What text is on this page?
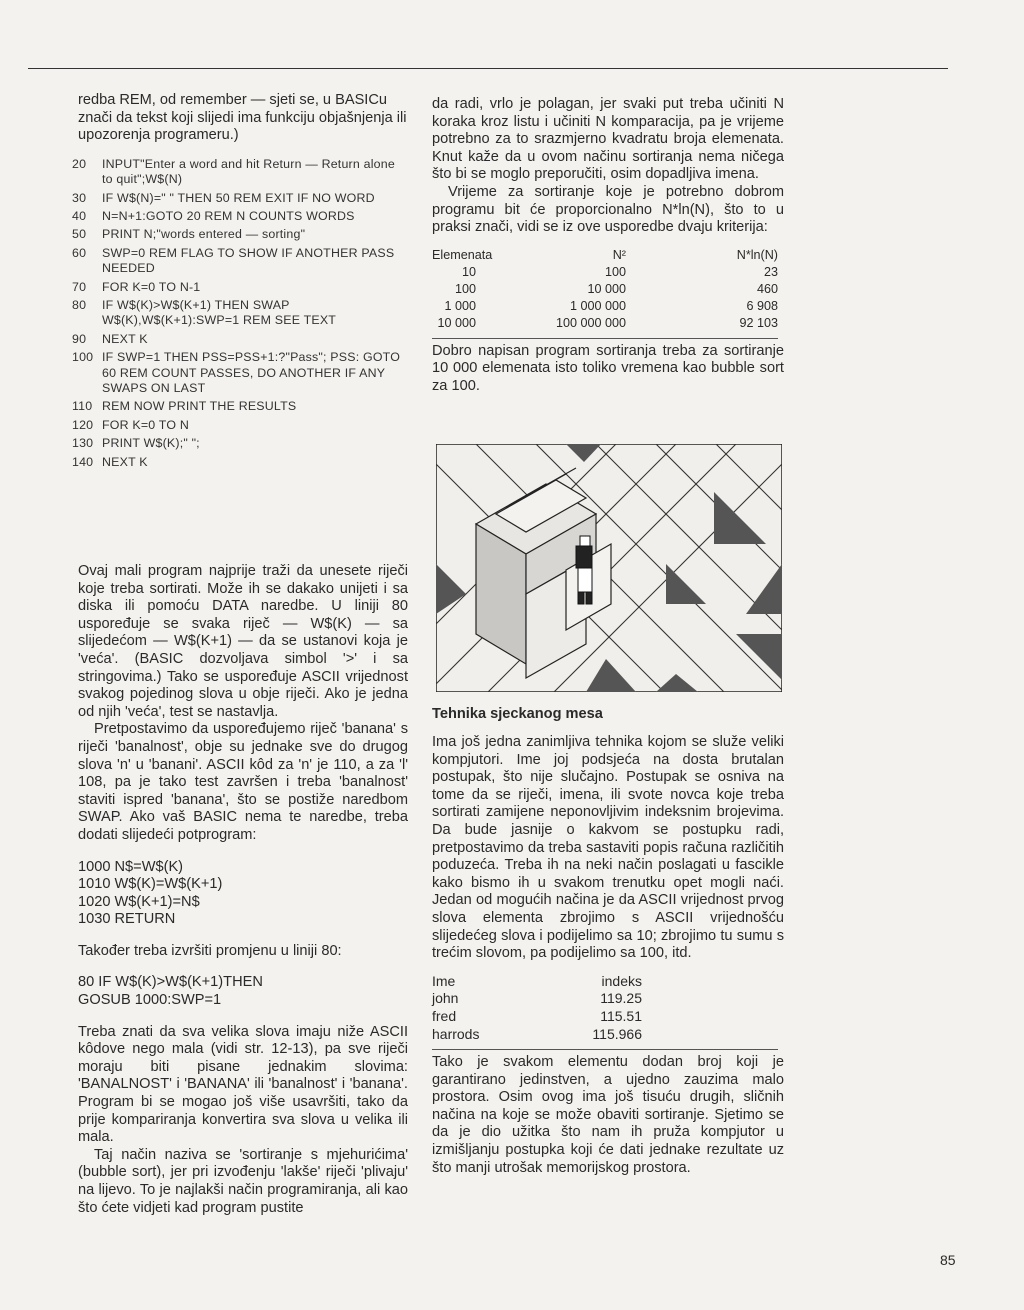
redba REM, od remember — sjeti se, u BASICu znači da tekst koji slijedi ima funkciju objašnjenja ili upozorenja programeru.)

20	INPUT"Enter a word and hit Return — Return alone to quit";W$(N)
30	IF W$(N)=" " THEN 50 REM EXIT IF NO WORD
40	N=N+1:GOTO 20 REM N COUNTS WORDS
50	PRINT N;"words entered — sorting"
60	SWP=0 REM FLAG TO SHOW IF ANOTHER PASS NEEDED
70	FOR K=0 TO N-1
80	IF W$(K)>W$(K+1) THEN SWAP W$(K),W$(K+1):SWP=1 REM SEE TEXT
90	NEXT K
100 IF SWP=1 THEN PSS=PSS+1:?"Pass"; PSS: GOTO 60 REM COUNT PASSES, DO ANOTHER IF ANY SWAPS ON LAST
110 REM NOW PRINT THE RESULTS
120 FOR K=0 TO N
130 PRINT W$(K);" ";
140 NEXT K

Ovaj mali program najprije traži da unesete riječi koje treba sortirati. Može ih se dakako unijeti i sa diska ili pomoću DATA naredbe. U liniji 80 uspoređuje se svaka riječ — W$(K) — sa slijedećom — W$(K+1) — da se ustanovi koja je 'veća'. (BASIC dozvoljava simbol '>' i sa stringovima.) Tako se uspoređuje ASCII vrijednost svakog pojedinog slova u obje riječi. Ako je jedna od njih 'veća', test se nastavlja.

Pretpostavimo da uspoređujemo riječ 'banana' s riječi 'banalnost', obje su jednake sve do drugog slova 'n' u 'banani'. ASCII kôd za 'n' je 110, a za 'l' 108, pa je tako test završen i treba 'banalnost' staviti ispred 'banana', što se postiže naredbom SWAP. Ako vaš BASIC nema te naredbe, treba dodati slijedeći potprogram:

1000 N$=W$(K)
1010 W$(K)=W$(K+1)
1020 W$(K+1)=N$
1030 RETURN

Također treba izvršiti promjenu u liniji 80:

80 IF W$(K)>W$(K+1)THEN
GOSUB 1000:SWP=1

Treba znati da sva velika slova imaju niže ASCII kôdove nego mala (vidi str. 12-13), pa sve riječi moraju biti pisane jednakim slovima: 'BANALNOST' i 'BANANA' ili 'banalnost' i 'banana'. Program bi se mogao još više usavršiti, tako da prije kompariranja konvertira sva slova u velika ili mala.

Taj način naziva se 'sortiranje s mjehurićima' (bubble sort), jer pri izvođenju 'lakše' riječi 'plivaju' na lijevo. To je najlakši način programiranja, ali kao što ćete vidjeti kad program pustite

da radi, vrlo je polagan, jer svaki put treba učiniti N koraka kroz listu i učiniti N komparacija, pa je vrijeme potrebno za to srazmjerno kvadratu broja elemenata. Knut kaže da u ovom načinu sortiranja nema ničega što bi se moglo preporučiti, osim dopadljiva imena.

Vrijeme za sortiranje koje je potrebno dobrom programu bit će proporcionalno N*ln(N), što to u praksi znači, vidi se iz ove usporedbe dvaju kriterija:

Elemenata	N²	N*ln(N)
10	100	23
100	10 000	460
1 000	1 000 000	6 908
10 000	100 000 000	92 103

Dobro napisan program sortiranja treba za sortiranje 10 000 elemenata isto toliko vremena kao bubble sort za 100.

Tehnika sjeckanog mesa

Ima još jedna zanimljiva tehnika kojom se služe veliki kompjutori. Ime joj podsjeća na dosta brutalan postupak, što nije slučajno. Postupak se osniva na tome da se riječi, imena, ili svote novca koje treba sortirati zamijene neponovljivim indeksnim brojevima. Da bude jasnije o kakvom se postupku radi, pretpostavimo da treba sastaviti popis računa različitih poduzeća. Treba ih na neki način poslagati u fascikle kako bismo ih u svakom trenutku opet mogli naći. Jedan od mogućih načina je da ASCII vrijednost prvog slova elementa zbrojimo s ASCII vrijednošću slijedećeg slova i podijelimo sa 10; zbrojimo tu sumu s trećim slovom, pa podijelimo sa 100, itd.

Ime	indeks
john	119.25
fred	115.51
harrods	115.966

Tako je svakom elementu dodan broj koji je garantirano jedinstven, a ujedno zauzima malo prostora. Osim ovog ima još tisuću drugih, sličnih načina na koje se može obaviti sortiranje. Sjetimo se da je dio užitka što nam ih pruža kompjutor u izmišljanju postupka koji će dati jednake rezultate uz što manji utrošak memorijskog prostora.

85
